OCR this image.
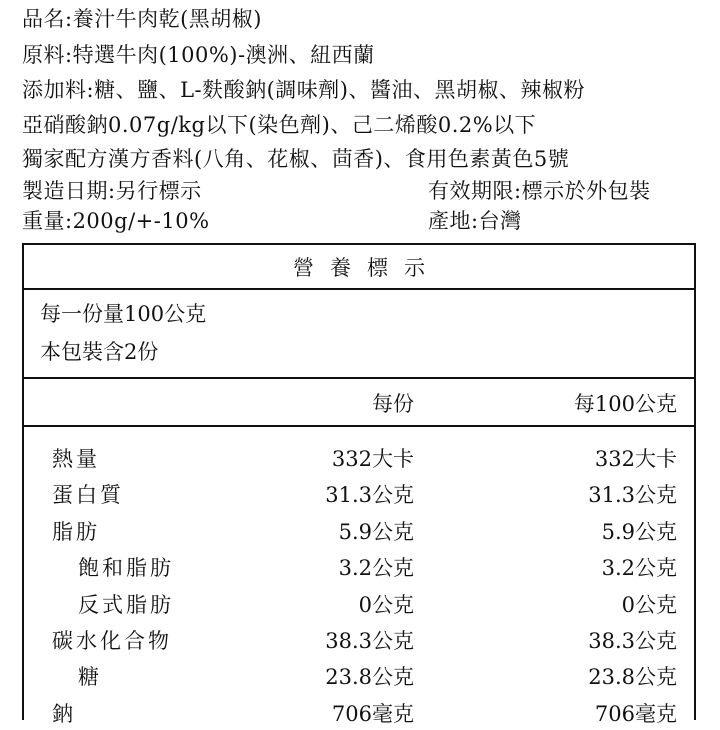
品名:養汁牛肉乾(黑胡椒)
原料:特選牛肉(100%)-澳洲、紐西蘭
添加料:糖、鹽、L-麩酸鈉(調味劑)、醬油、黑胡椒、辣椒粉
亞硝酸鈉0.07g/kg以下(染色劑)、己二烯酸0.2%以下
獨家配方漢方香料(八角、花椒、茴香)、食用色素黃色5號
製造日期:另行標示	有效期限:標示於外包裝
重量:200g/+-10%	產地:台灣
營養標示
每一份量100公克
本包裝含2份
每份	每100公克
熱量	332大卡	332大卡
蛋白質	31.3公克	31.3公克
脂肪	5.9公克	5.9公克
飽和脂肪	3.2公克	3.2公克
反式脂肪	0公克	0公克
碳水化合物	38.3公克	38.3公克
糖	23.8公克	23.8公克
鈉	706毫克	706毫克
